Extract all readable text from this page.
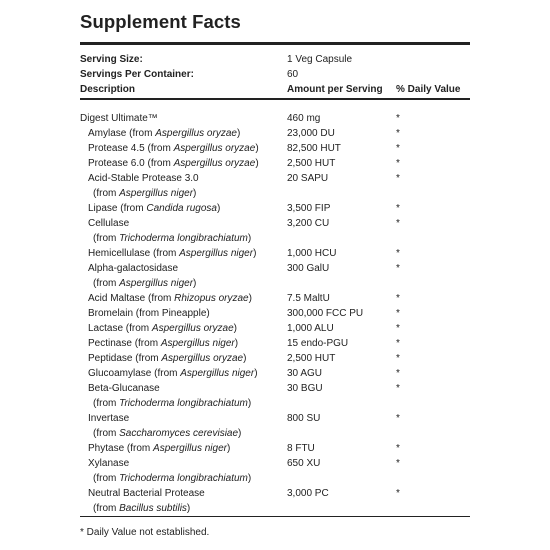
Supplement Facts
Serving Size:	1 Veg Capsule
Servings Per Container:	60
Description	Amount per Serving % Daily Value
Digest Ultimate™	460 mg	*
Amylase (from Aspergillus oryzae)	23,000 DU	*
Protease 4.5 (from Aspergillus oryzae)	82,500 HUT	*
Protease 6.0 (from Aspergillus oryzae)	2,500 HUT	*
Acid-Stable Protease 3.0	20 SAPU	*
(from Aspergillus niger)
Lipase (from Candida rugosa)	3,500 FIP	*
Cellulase	3,200 CU	*
(from Trichoderma longibrachiatum)
Hemicellulase (from Aspergillus niger)	1,000 HCU	*
Alpha-galactosidase	300 GalU	*
(from Aspergillus niger)
Acid Maltase (from Rhizopus oryzae)	7.5 MaltU	*
Bromelain (from Pineapple)	300,000 FCC PU	*
Lactase (from Aspergillus oryzae)	1,000 ALU	*
Pectinase (from Aspergillus niger)	15 endo-PGU	*
Peptidase (from Aspergillus oryzae)	2,500 HUT	*
Glucoamylase (from Aspergillus niger)	30 AGU	*
Beta-Glucanase	30 BGU	*
(from Trichoderma longibrachiatum)
Invertase	800 SU	*
(from Saccharomyces cerevisiae)
Phytase (from Aspergillus niger)	8 FTU	*
Xylanase	650 XU	*
(from Trichoderma longibrachiatum)
Neutral Bacterial Protease	3,000 PC	*
(from Bacillus subtilis)
* Daily Value not established.
